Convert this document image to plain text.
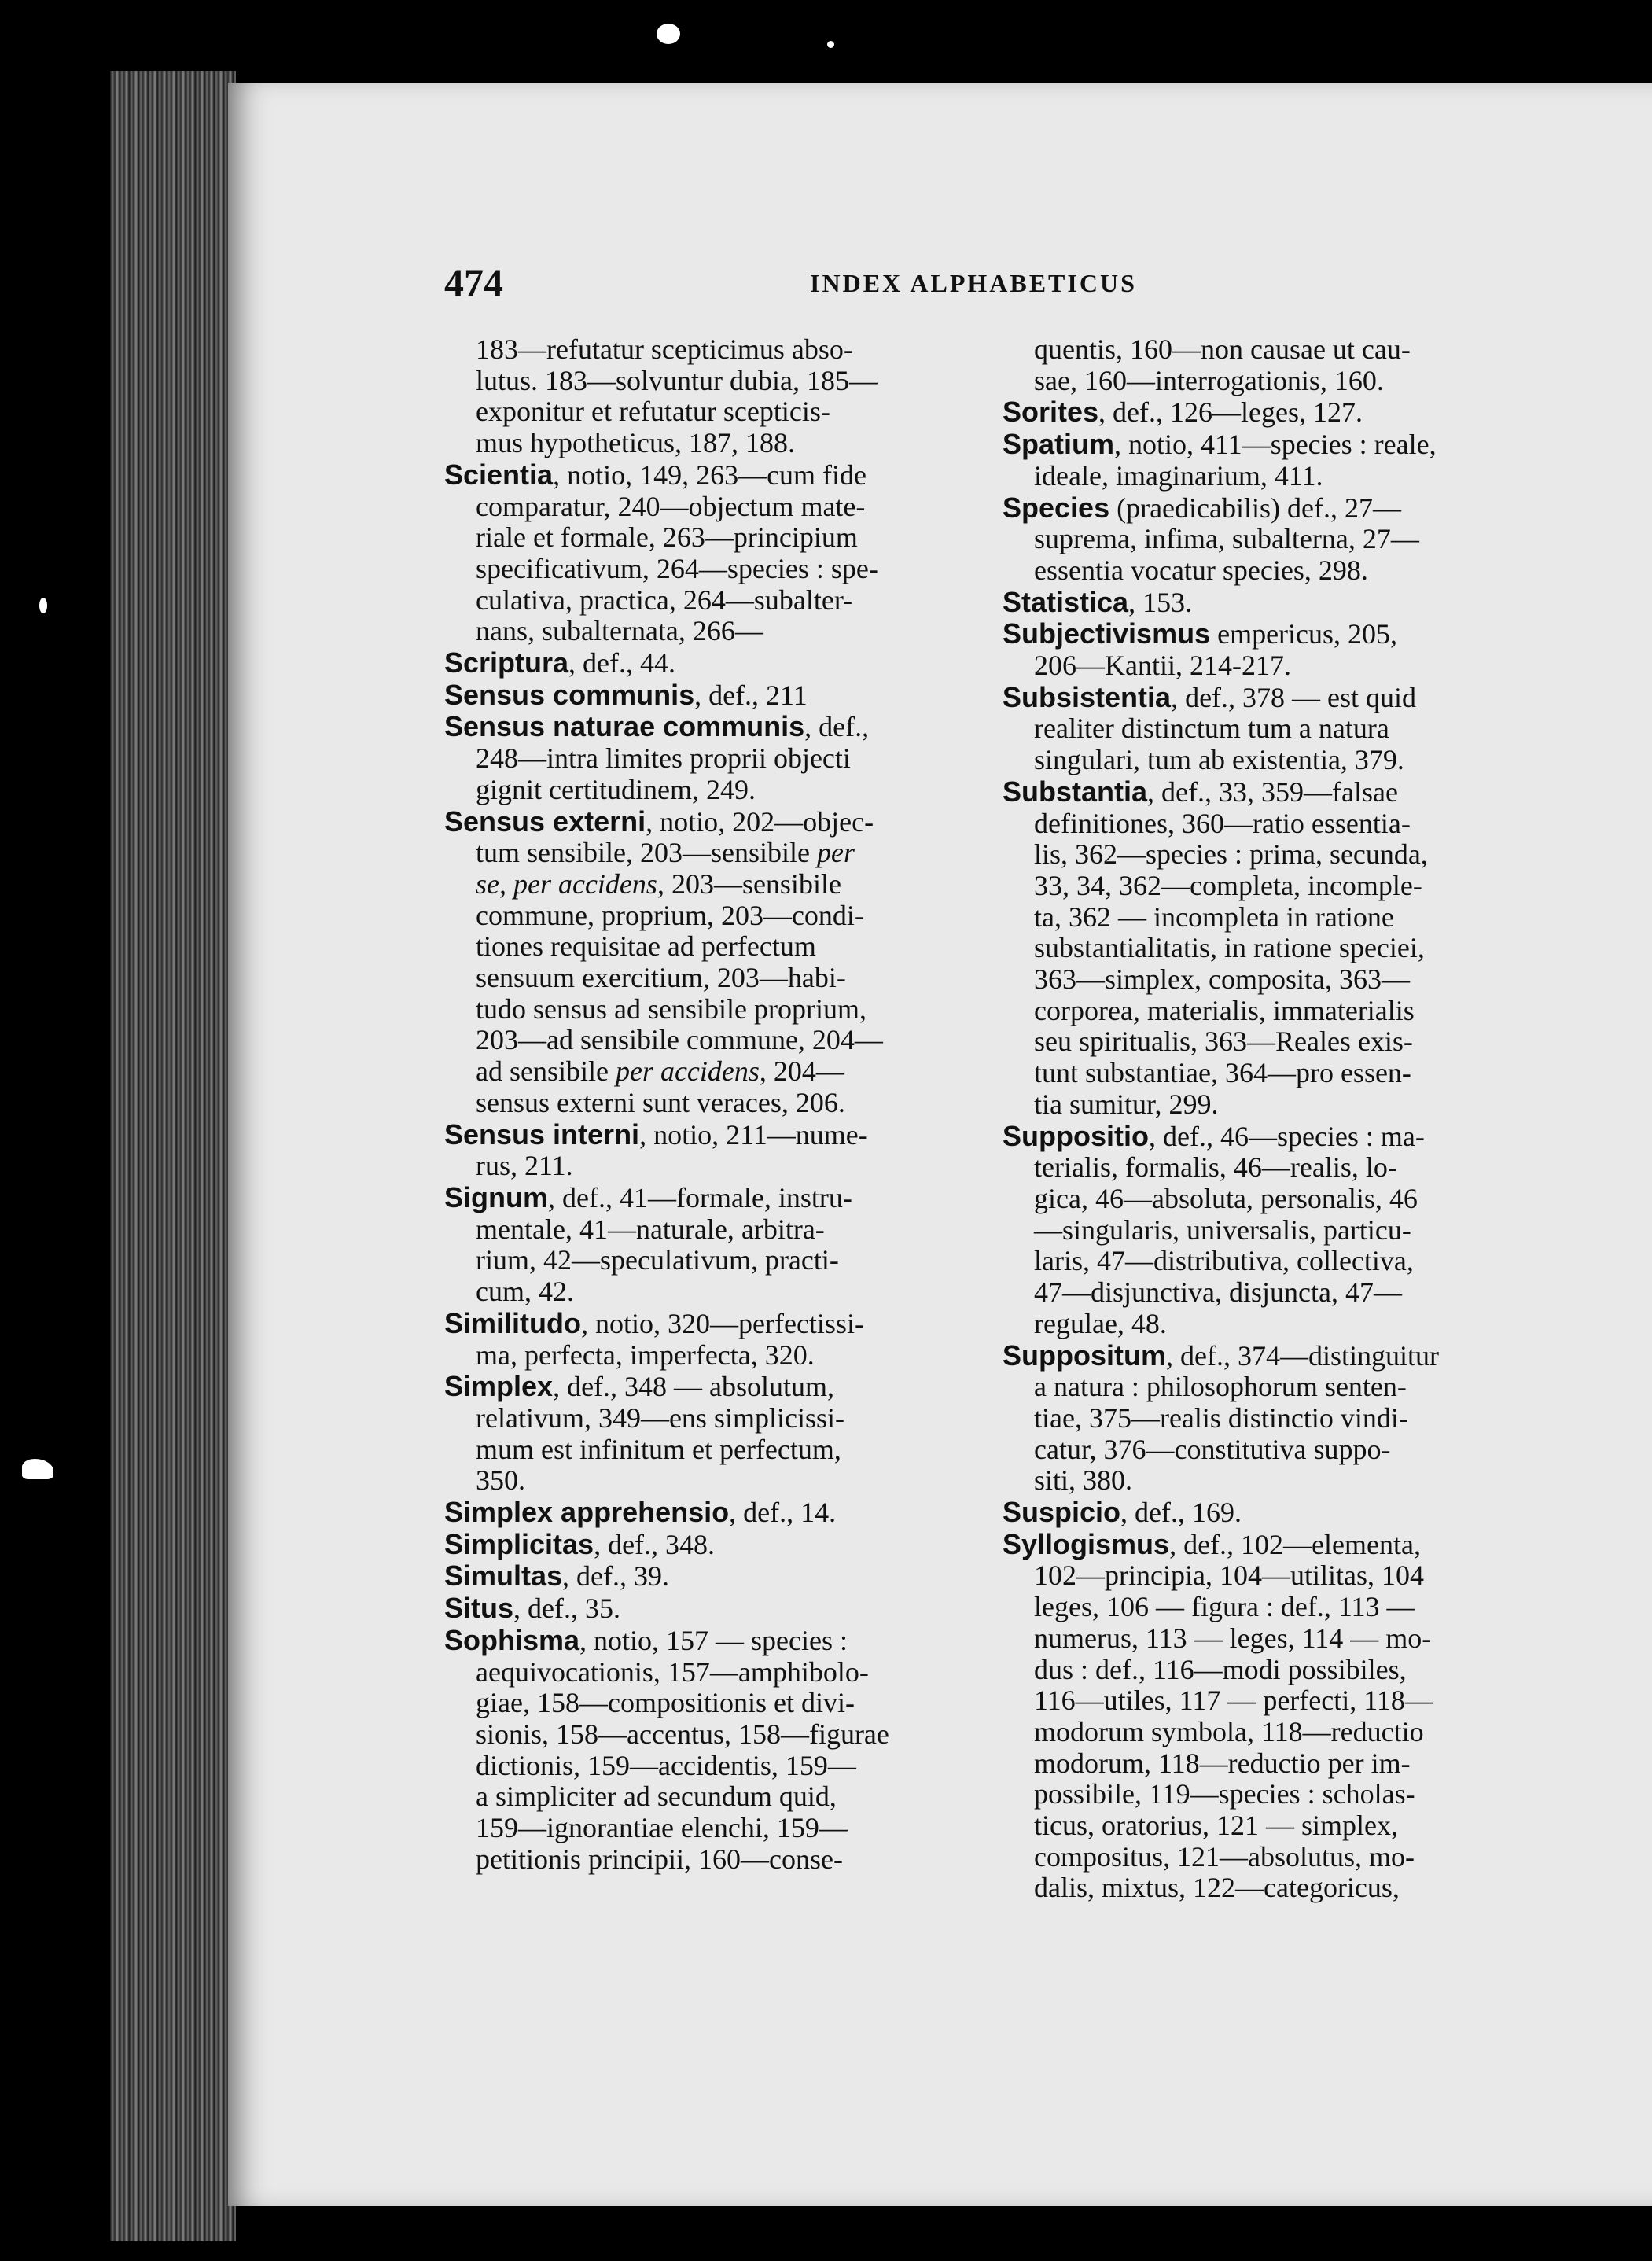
474	INDEX ALPHABETICUS
183—refutatur scepticimus abso-
lutus. 183—solvuntur dubia, 185—
exponitur et refutatur scepticis-
mus hypotheticus, 187, 188.
Scientia, notio, 149, 263—cum fide
comparatur, 240—objectum mate-
riale et formale, 263—principium
specificativum, 264—species : spe-
culativa, practica, 264—subalter-
nans, subalternata, 266—
Scriptura, def., 44.
Sensus communis, def., 211
Sensus naturae communis, def.,
248—intra limites proprii objecti
gignit certitudinem, 249.
Sensus externi, notio, 202—objec-
tum sensibile, 203—sensibile per
se, per accidens, 203—sensibile
commune, proprium, 203—condi-
tiones requisitae ad perfectum
sensuum exercitium, 203—habi-
tudo sensus ad sensibile proprium,
203—ad sensibile commune, 204—
ad sensibile per accidens, 204—
sensus externi sunt veraces, 206.
Sensus interni, notio, 211—nume-
rus, 211.
Signum, def., 41—formale, instru-
mentale, 41—naturale, arbitra-
rium, 42—speculativum, practi-
cum, 42.
Similitudo, notio, 320—perfectissi-
ma, perfecta, imperfecta, 320.
Simplex, def., 348 — absolutum,
relativum, 349—ens simplicissi-
mum est infinitum et perfectum,
350.
Simplex apprehensio, def., 14.
Simplicitas, def., 348.
Simultas, def., 39.
Situs, def., 35.
Sophisma, notio, 157 — species :
aequivocationis, 157—amphibolo-
giae, 158—compositionis et divi-
sionis, 158—accentus, 158—figurae
dictionis, 159—accidentis, 159—
a simpliciter ad secundum quid,
159—ignorantiae elenchi, 159—
petitionis principii, 160—conse-
quentis, 160—non causae ut cau-
sae, 160—interrogationis, 160.
Sorites, def., 126—leges, 127.
Spatium, notio, 411—species : reale,
ideale, imaginarium, 411.
Species (praedicabilis) def., 27—
suprema, infima, subalterna, 27—
essentia vocatur species, 298.
Statistica, 153.
Subjectivismus empericus, 205,
206—Kantii, 214-217.
Subsistentia, def., 378 — est quid
realiter distinctum tum a natura
singulari, tum ab existentia, 379.
Substantia, def., 33, 359—falsae
definitiones, 360—ratio essentia-
lis, 362—species : prima, secunda,
33, 34, 362—completa, incomple-
ta, 362 — incompleta in ratione
substantialitatis, in ratione speciei,
363—simplex, composita, 363—
corporea, materialis, immaterialis
seu spiritualis, 363—Reales exis-
tunt substantiae, 364—pro essen-
tia sumitur, 299.
Suppositio, def., 46—species : ma-
terialis, formalis, 46—realis, lo-
gica, 46—absoluta, personalis, 46
—singularis, universalis, particu-
laris, 47—distributiva, collectiva,
47—disjunctiva, disjuncta, 47—
regulae, 48.
Suppositum, def., 374—distinguitur
a natura : philosophorum senten-
tiae, 375—realis distinctio vindi-
catur, 376—constitutiva suppo-
siti, 380.
Suspicio, def., 169.
Syllogismus, def., 102—elementa,
102—principia, 104—utilitas, 104
leges, 106 — figura : def., 113 —
numerus, 113 — leges, 114 — mo-
dus : def., 116—modi possibiles,
116—utiles, 117 — perfecti, 118—
modorum symbola, 118—reductio
modorum, 118—reductio per im-
possibile, 119—species : scholas-
ticus, oratorius, 121 — simplex,
compositus, 121—absolutus, mo-
dalis, mixtus, 122—categoricus,
